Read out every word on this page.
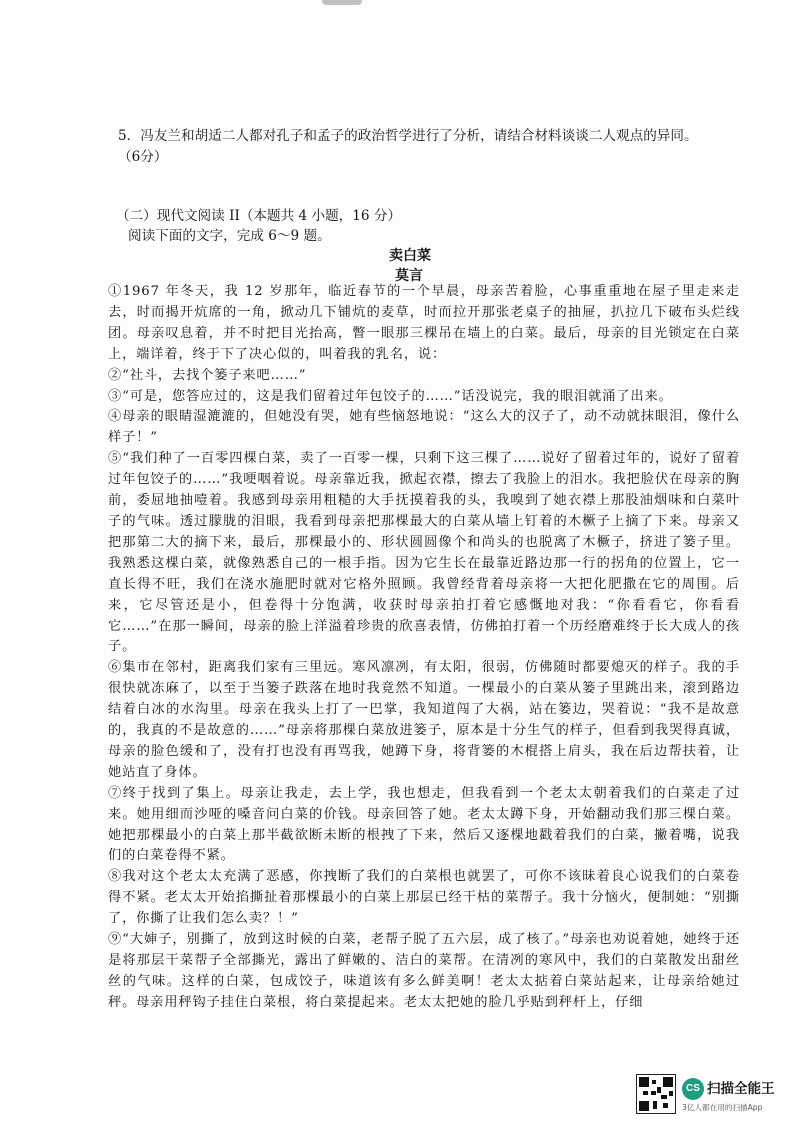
5．冯友兰和胡适二人都对孔子和孟子的政治哲学进行了分析，请结合材料谈谈二人观点的异同。
（6分）
（二）现代文阅读 II（本题共 4 小题，16 分）
阅读下面的文字，完成 6～9 题。
卖白菜
莫言

①1967 年冬天，我 12 岁那年，临近春节的一个早晨，母亲苦着脸，心事重重地在屋子里走来走去，时而揭开炕席的一角，掀动几下铺炕的麦草，时而拉开那张老桌子的抽屉，扒拉几下破布头烂线团。母亲叹息着，并不时把目光抬高，瞥一眼那三棵吊在墙上的白菜。最后，母亲的目光锁定在白菜上，端详着，终于下了决心似的，叫着我的乳名，说：

②“社斗，去找个篓子来吧……”

③“可是，您答应过的，这是我们留着过年包饺子的……”话没说完，我的眼泪就涌了出来。

④母亲的眼睛湿漉漉的，但她没有哭，她有些恼怒地说：“这么大的汉子了，动不动就抹眼泪，像什么样子！”

⑤“我们种了一百零四棵白菜，卖了一百零一棵，只剩下这三棵了……说好了留着过年的，说好了留着过年包饺子的……”我哽咽着说。母亲靠近我，掀起衣襟，擦去了我脸上的泪水。我把脸伏在母亲的胸前，委屈地抽噎着。我感到母亲用粗糙的大手抚摸着我的头，我嗅到了她衣襟上那股油烟味和白菜叶子的气味。透过朦胧的泪眼，我看到母亲把那棵最大的白菜从墙上钉着的木橛子上摘了下来。母亲又把那第二大的摘下来，最后，那棵最小的、形状圆圆像个和尚头的也脱离了木橛子，挤进了篓子里。我熟悉这棵白菜，就像熟悉自己的一根手指。因为它生长在最靠近路边那一行的拐角的位置上，它一直长得不旺，我们在浇水施肥时就对它格外照顾。我曾经背着母亲将一大把化肥撒在它的周围。后来，它尽管还是小，但卷得十分饱满，收获时母亲拍打着它感慨地对我：“你看看它，你看看它……”在那一瞬间，母亲的脸上洋溢着珍贵的欣喜表情，仿佛拍打着一个历经磨难终于长大成人的孩子。

⑥集市在邻村，距离我们家有三里远。寒风凛冽，有太阳，很弱，仿佛随时都要熄灭的样子。我的手很快就冻麻了，以至于当篓子跌落在地时我竟然不知道。一棵最小的白菜从篓子里跳出来，滚到路边结着白冰的水沟里。母亲在我头上打了一巴掌，我知道闯了大祸，站在篓边，哭着说：“我不是故意的，我真的不是故意的……”母亲将那棵白菜放进篓子，原本是十分生气的样子，但看到我哭得真诚，母亲的脸色缓和了，没有打也没有再骂我，她蹲下身，将背篓的木棍搭上肩头，我在后边帮扶着，让她站直了身体。

⑦终于找到了集上。母亲让我走，去上学，我也想走，但我看到一个老太太朝着我们的白菜走了过来。她用细而沙哑的嗓音问白菜的价钱。母亲回答了她。老太太蹲下身，开始翻动我们那三棵白菜。她把那棵最小的白菜上那半截欲断未断的根拽了下来，然后又逐棵地戳着我们的白菜，撇着嘴，说我们的白菜卷得不紧。

⑧我对这个老太太充满了恶感，你拽断了我们的白菜根也就罢了，可你不该昧着良心说我们的白菜卷得不紧。老太太开始掐撕扯着那棵最小的白菜上那层已经干枯的菜帮子。我十分恼火，便制她：“别撕了，你撕了让我们怎么卖？！”

⑨“大婶子，别撕了，放到这时候的白菜，老帮子脱了五六层，成了核了。”母亲也劝说着她，她终于还是将那层干菜帮子全部撕光，露出了鲜嫩的、洁白的菜帮。在清冽的寒风中，我们的白菜散发出甜丝丝的气味。这样的白菜，包成饺子，味道该有多么鲜美啊！老太太掂着白菜站起来，让母亲给她过秤。母亲用秤钩子挂住白菜根，将白菜提起来。老太太把她的脸几乎贴到秤杆上，仔细

CS 扫描全能王
3亿人都在用的扫描App
